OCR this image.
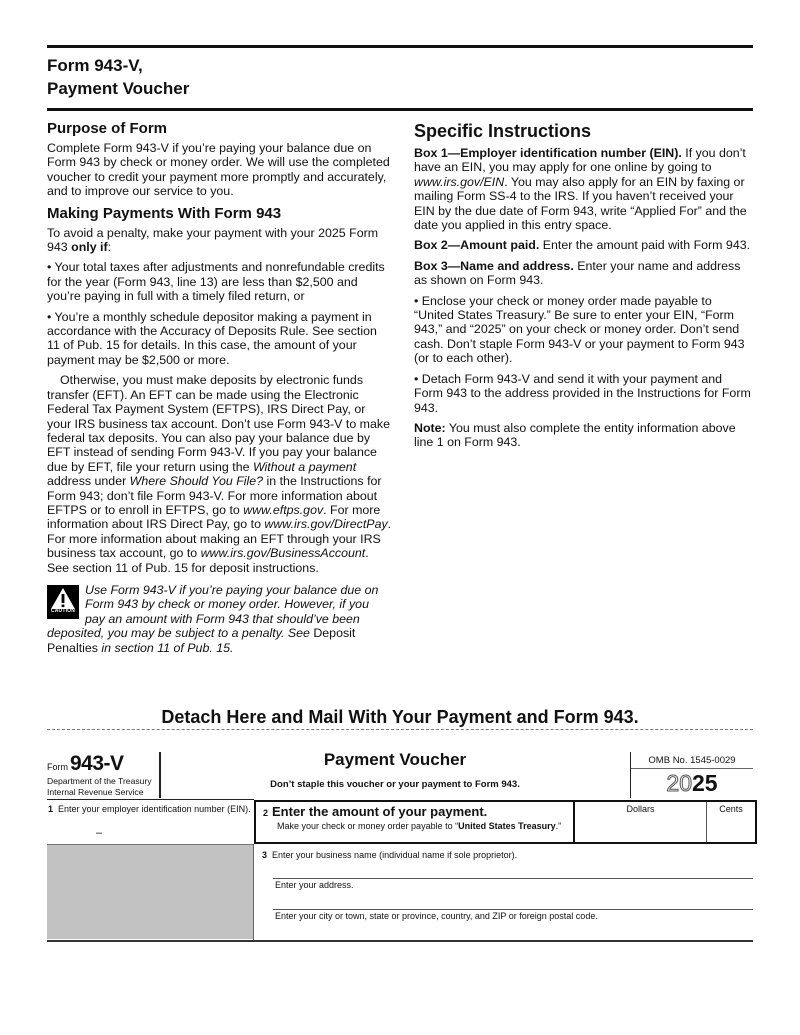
Form 943-V,
Payment Voucher
Purpose of Form

Complete Form 943-V if you’re paying your balance due on Form 943 by check or money order. We will use the completed voucher to credit your payment more promptly and accurately, and to improve our service to you.

Making Payments With Form 943

To avoid a penalty, make your payment with your 2025 Form 943 only if:

• Your total taxes after adjustments and nonrefundable credits for the year (Form 943, line 13) are less than $2,500 and you’re paying in full with a timely filed return, or

• You’re a monthly schedule depositor making a payment in accordance with the Accuracy of Deposits Rule. See section 11 of Pub. 15 for details. In this case, the amount of your payment may be $2,500 or more.

Otherwise, you must make deposits by electronic funds transfer (EFT). An EFT can be made using the Electronic Federal Tax Payment System (EFTPS), IRS Direct Pay, or your IRS business tax account. Don’t use Form 943-V to make federal tax deposits. You can also pay your balance due by EFT instead of sending Form 943-V. If you pay your balance due by EFT, file your return using the Without a payment address under Where Should You File? in the Instructions for Form 943; don’t file Form 943-V. For more information about EFTPS or to enroll in EFTPS, go to www.eftps.gov. For more information about IRS Direct Pay, go to www.irs.gov/DirectPay. For more information about making an EFT through your IRS business tax account, go to www.irs.gov/BusinessAccount. See section 11 of Pub. 15 for deposit instructions.

CAUTION
Use Form 943-V if you’re paying your balance due on Form 943 by check or money order. However, if you pay an amount with Form 943 that should’ve been deposited, you may be subject to a penalty. See Deposit Penalties in section 11 of Pub. 15.
Specific Instructions

Box 1—Employer identification number (EIN). If you don’t have an EIN, you may apply for one online by going to www.irs.gov/EIN. You may also apply for an EIN by faxing or mailing Form SS-4 to the IRS. If you haven’t received your EIN by the due date of Form 943, write “Applied For” and the date you applied in this entry space.

Box 2—Amount paid. Enter the amount paid with Form 943.

Box 3—Name and address. Enter your name and address as shown on Form 943.

• Enclose your check or money order made payable to “United States Treasury.” Be sure to enter your EIN, “Form 943,” and “2025” on your check or money order. Don’t send cash. Don’t staple Form 943-V or your payment to Form 943 (or to each other).

• Detach Form 943-V and send it with your payment and Form 943 to the address provided in the Instructions for Form 943.

Note: You must also complete the entity information above line 1 on Form 943.

Detach Here and Mail With Your Payment and Form 943.
Form943-V
Department of the Treasury
Internal Revenue Service
Payment Voucher
Don’t staple this voucher or your payment to Form 943.
OMB No. 1545-0029
2025
1 Enter your employer identification number (EIN).
–
2 Enter the amount of your payment.
Make your check or money order payable to “United States Treasury.”
Dollars	Cents
3 Enter your business name (individual name if sole proprietor).
Enter your address.
Enter your city or town, state or province, country, and ZIP or foreign postal code.
